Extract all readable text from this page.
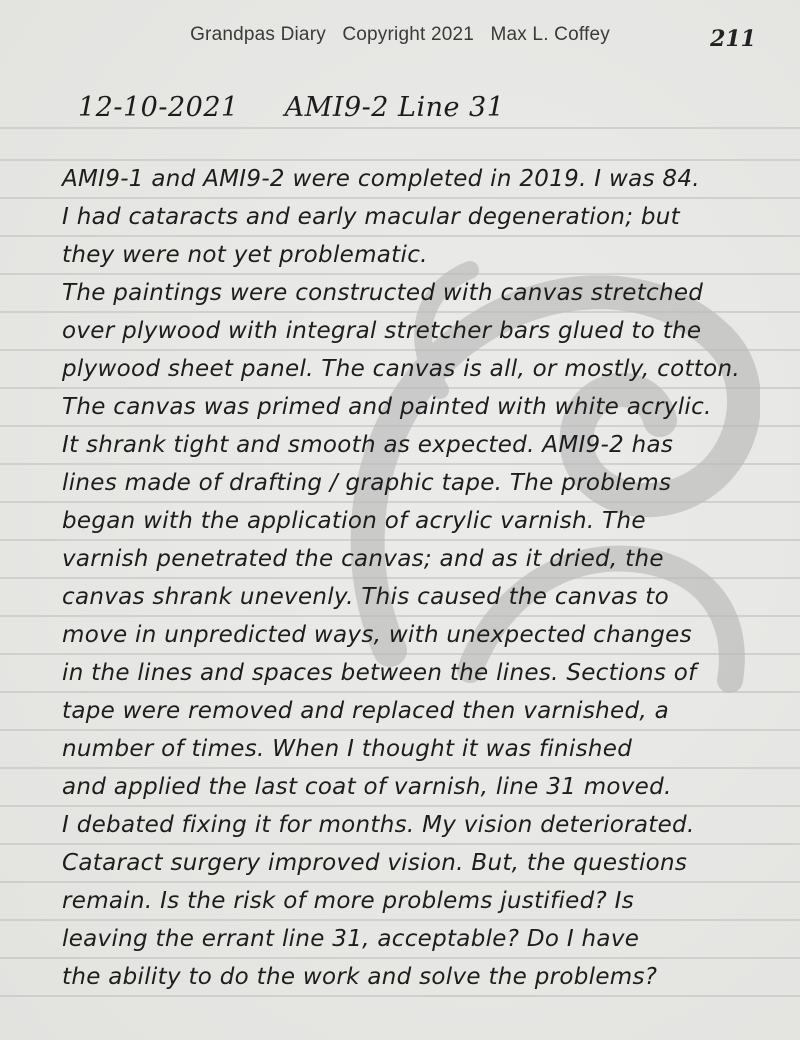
Grandpas Diary   Copyright 2021   Max L. Coffey	211
12-10-2021 AMI9-2 Line 31
AMI9-1 and AMI9-2 were completed in 2019. I was 84.
I had cataracts and early macular degeneration; but
they were not yet problematic.
The paintings were constructed with canvas stretched
over plywood with integral stretcher bars glued to the
plywood sheet panel. The canvas is all, or mostly, cotton.
The canvas was primed and painted with white acrylic.
It shrank tight and smooth as expected. AMI9-2 has
lines made of drafting / graphic tape. The problems
began with the application of acrylic varnish. The
varnish penetrated the canvas; and as it dried, the
canvas shrank unevenly. This caused the canvas to
move in unpredicted ways, with unexpected changes
in the lines and spaces between the lines. Sections of
tape were removed and replaced then varnished, a
number of times. When I thought it was finished
and applied the last coat of varnish, line 31 moved.
I debated fixing it for months. My vision deteriorated.
Cataract surgery improved vision. But, the questions
remain. Is the risk of more problems justified? Is
leaving the errant line 31, acceptable? Do I have
the ability to do the work and solve the problems?
